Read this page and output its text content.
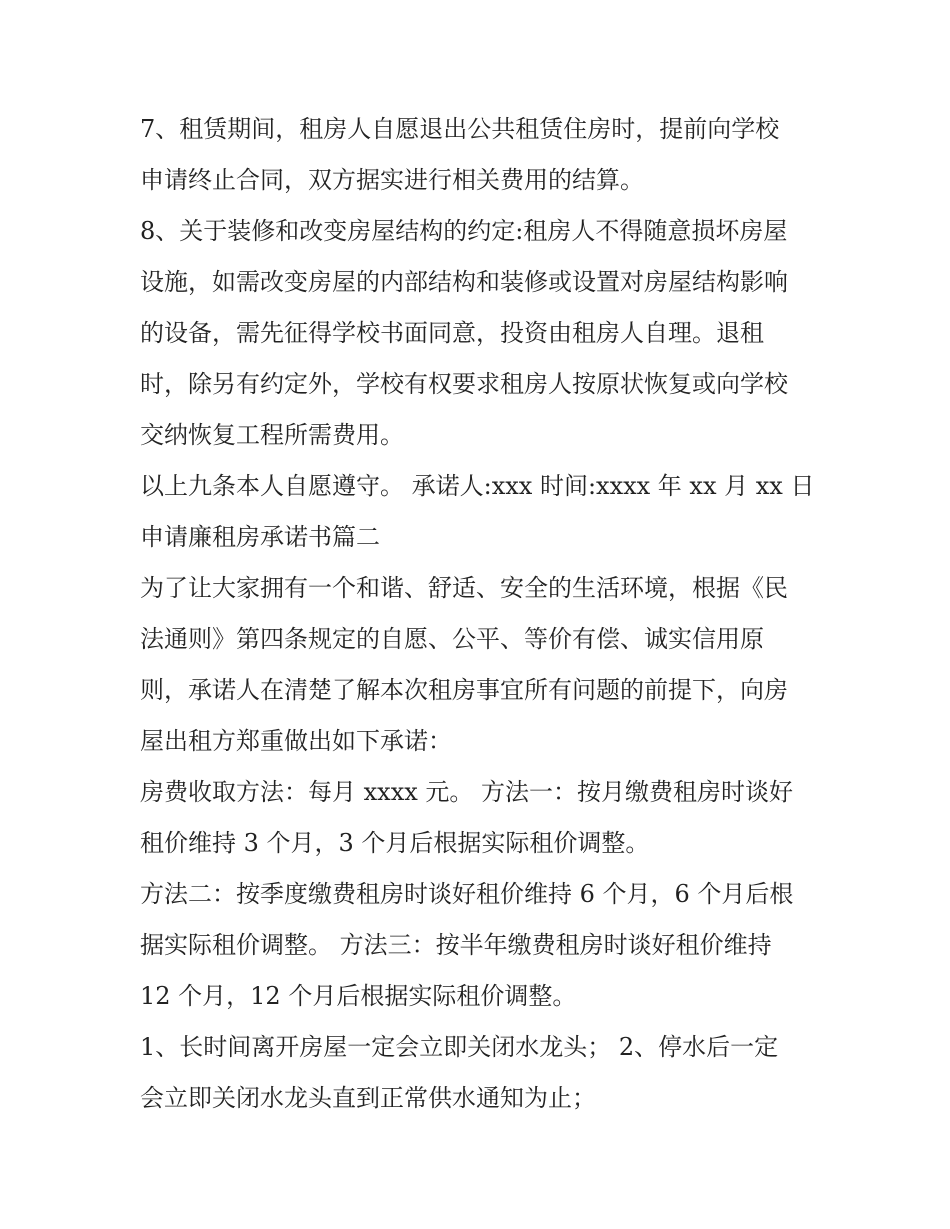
7、租赁期间，租房人自愿退出公共租赁住房时，提前向学校
申请终止合同，双方据实进行相关费用的结算。
8、关于装修和改变房屋结构的约定:租房人不得随意损坏房屋
设施，如需改变房屋的内部结构和装修或设置对房屋结构影响
的设备，需先征得学校书面同意，投资由租房人自理。退租
时，除另有约定外，学校有权要求租房人按原状恢复或向学校
交纳恢复工程所需费用。
以上九条本人自愿遵守。 承诺人:xxx 时间:xxxx 年 xx 月 xx 日
申请廉租房承诺书篇二
为了让大家拥有一个和谐、舒适、安全的生活环境，根据《民
法通则》第四条规定的自愿、公平、等价有偿、诚实信用原
则，承诺人在清楚了解本次租房事宜所有问题的前提下，向房
屋出租方郑重做出如下承诺：
房费收取方法：每月 xxxx 元。 方法一：按月缴费租房时谈好
租价维持 3 个月，3 个月后根据实际租价调整。
方法二：按季度缴费租房时谈好租价维持 6 个月，6 个月后根
据实际租价调整。 方法三：按半年缴费租房时谈好租价维持
12 个月，12 个月后根据实际租价调整。
1、长时间离开房屋一定会立即关闭水龙头； 2、停水后一定
会立即关闭水龙头直到正常供水通知为止；
